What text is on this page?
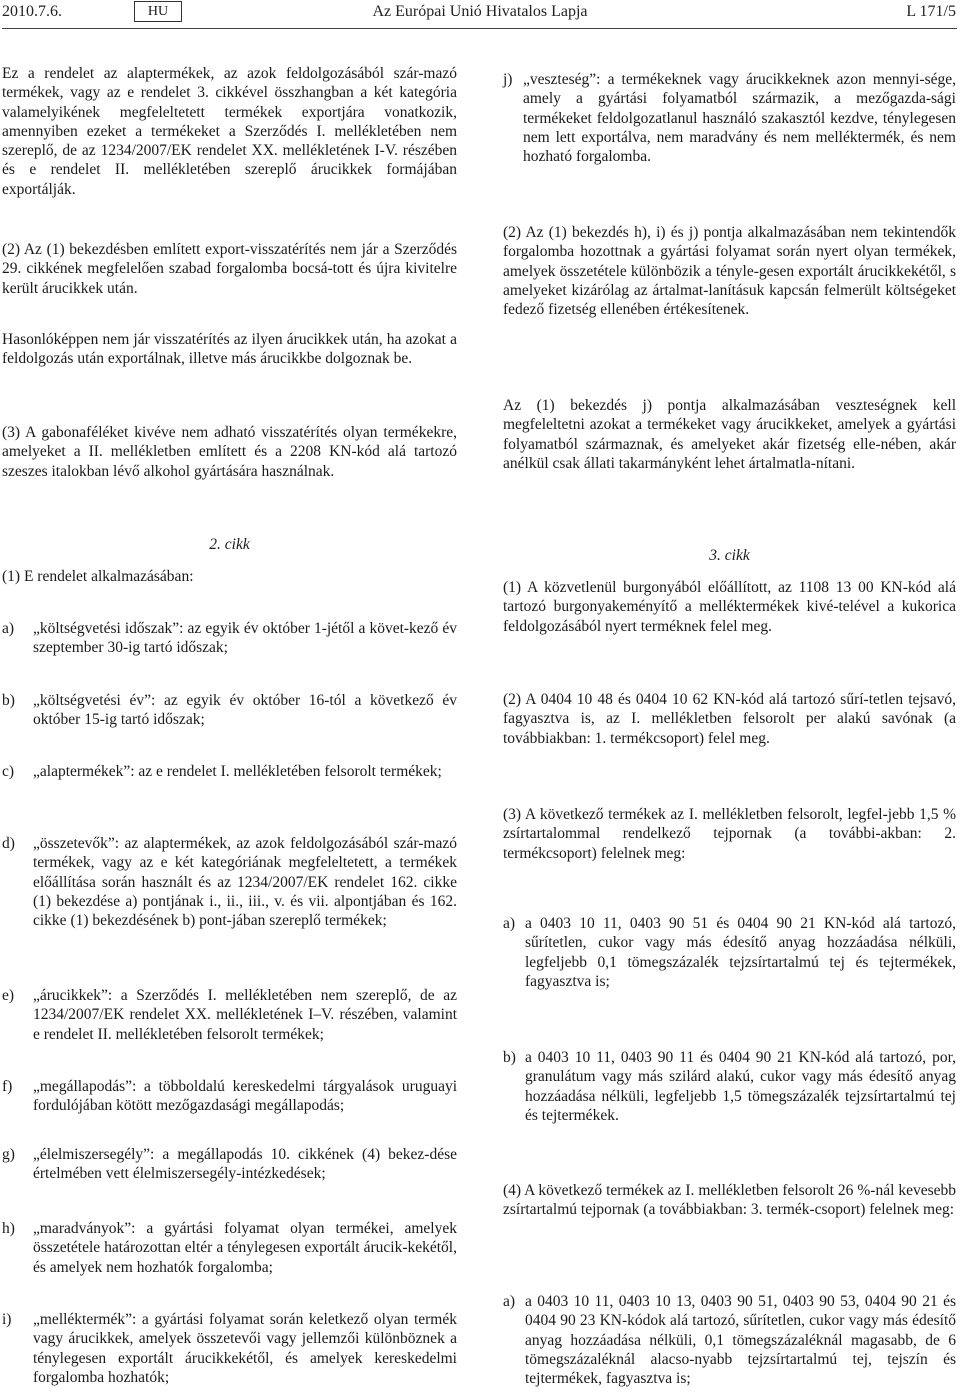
2010.7.6.	HU	Az Európai Unió Hivatalos Lapja	L 171/5

Ez a rendelet az alaptermékek, az azok feldolgozásából szár-mazó termékek, vagy az e rendelet 3. cikkével összhangban a két kategória valamelyikének megfeleltetett termékek exportjára vonatkozik, amennyiben ezeket a termékeket a Szerződés I. mellékletében nem szereplő, de az 1234/2007/EK rendelet XX. mellékletének I-V. részében és e rendelet II. mellékletében szereplő árucikkek formájában exportálják.

(2) Az (1) bekezdésben említett export-visszatérítés nem jár a Szerződés 29. cikkének megfelelően szabad forgalomba bocsá-tott és újra kivitelre került árucikkek után.

Hasonlóképpen nem jár visszatérítés az ilyen árucikkek után, ha azokat a feldolgozás után exportálnak, illetve más árucikkbe dolgoznak be.

(3) A gabonaféléket kivéve nem adható visszatérítés olyan termékekre, amelyeket a II. mellékletben említett és a 2208 KN-kód alá tartozó szeszes italokban lévő alkohol gyártására használnak.

2. cikk

(1) E rendelet alkalmazásában:

a)	„költségvetési időszak”: az egyik év október 1-jétől a követ-kező év szeptember 30-ig tartó időszak;

b)	„költségvetési év”: az egyik év október 16-tól a következő év október 15-ig tartó időszak;

c)	„alaptermékek”: az e rendelet I. mellékletében felsorolt termékek;

d)	„összetevők”: az alaptermékek, az azok feldolgozásából szár-mazó termékek, vagy az e két kategóriának megfeleltetett, a termékek előállítása során használt és az 1234/2007/EK rendelet 162. cikke (1) bekezdése a) pontjának i., ii., iii., v. és vii. alpontjában és 162. cikke (1) bekezdésének b) pont-jában szereplő termékek;

e)	„árucikkek”: a Szerződés I. mellékletében nem szereplő, de az 1234/2007/EK rendelet XX. mellékletének I–V. részében, valamint e rendelet II. mellékletében felsorolt termékek;

f)	„megállapodás”: a többoldalú kereskedelmi tárgyalások uruguayi fordulójában kötött mezőgazdasági megállapodás;

g)	„élelmiszersegély”: a megállapodás 10. cikkének (4) bekez-dése értelmében vett élelmiszersegély-intézkedések;

h)	„maradványok”: a gyártási folyamat olyan termékei, amelyek összetétele határozottan eltér a ténylegesen exportált árucik-kekétől, és amelyek nem hozhatók forgalomba;

i)	„melléktermék”: a gyártási folyamat során keletkező olyan termék vagy árucikkek, amelyek összetevői vagy jellemzői különböznek a ténylegesen exportált árucikkekétől, és amelyek kereskedelmi forgalomba hozhatók;

j) „veszteség”: a termékeknek vagy árucikkeknek azon mennyi-sége, amely a gyártási folyamatból származik, a mezőgazda-sági termékeket feldolgozatlanul használó szakasztól kezdve, ténylegesen nem lett exportálva, nem maradvány és nem melléktermék, és nem hozható forgalomba.

(2) Az (1) bekezdés h), i) és j) pontja alkalmazásában nem tekintendők forgalomba hozottnak a gyártási folyamat során nyert olyan termékek, amelyek összetétele különbözik a tényle-gesen exportált árucikkekétől, s amelyeket kizárólag az ártalmat-lanításuk kapcsán felmerült költségeket fedező fizetség ellenében értékesítenek.

Az (1) bekezdés j) pontja alkalmazásában veszteségnek kell megfeleltetni azokat a termékeket vagy árucikkeket, amelyek a gyártási folyamatból származnak, és amelyeket akár fizetség elle-nében, akár anélkül csak állati takarmányként lehet ártalmatla-nítani.

3. cikk

(1) A közvetlenül burgonyából előállított, az 1108 13 00 KN-kód alá tartozó burgonyakeményítő a melléktermékek kivé-telével a kukorica feldolgozásából nyert terméknek felel meg.

(2) A 0404 10 48 és 0404 10 62 KN-kód alá tartozó sűrí-tetlen tejsavó, fagyasztva is, az I. mellékletben felsorolt per alakú savónak (a továbbiakban: 1. termékcsoport) felel meg.

(3) A következő termékek az I. mellékletben felsorolt, legfel-jebb 1,5 % zsírtartalommal rendelkező tejpornak (a további-akban: 2. termékcsoport) felelnek meg:

a) a 0403 10 11, 0403 90 51 és 0404 90 21 KN-kód alá tartozó, sűrítetlen, cukor vagy más édesítő anyag hozzáadása nélküli, legfeljebb 0,1 tömegszázalék tejzsírtartalmú tej és tejtermékek, fagyasztva is;

b) a 0403 10 11, 0403 90 11 és 0404 90 21 KN-kód alá tartozó, por, granulátum vagy más szilárd alakú, cukor vagy más édesítő anyag hozzáadása nélküli, legfeljebb 1,5 tömegszázalék tejzsírtartalmú tej és tejtermékek.

(4) A következő termékek az I. mellékletben felsorolt 26 %-nál kevesebb zsírtartalmú tejpornak (a továbbiakban: 3. termék-csoport) felelnek meg:

a) a 0403 10 11, 0403 10 13, 0403 90 51, 0403 90 53, 0404 90 21 és 0404 90 23 KN-kódok alá tartozó, sűrítetlen, cukor vagy más édesítő anyag hozzáadása nélküli, 0,1 tömegszázaléknál magasabb, de 6 tömegszázaléknál alacso-nyabb tejzsírtartalmú tej, tejszín és tejtermékek, fagyasztva is;
